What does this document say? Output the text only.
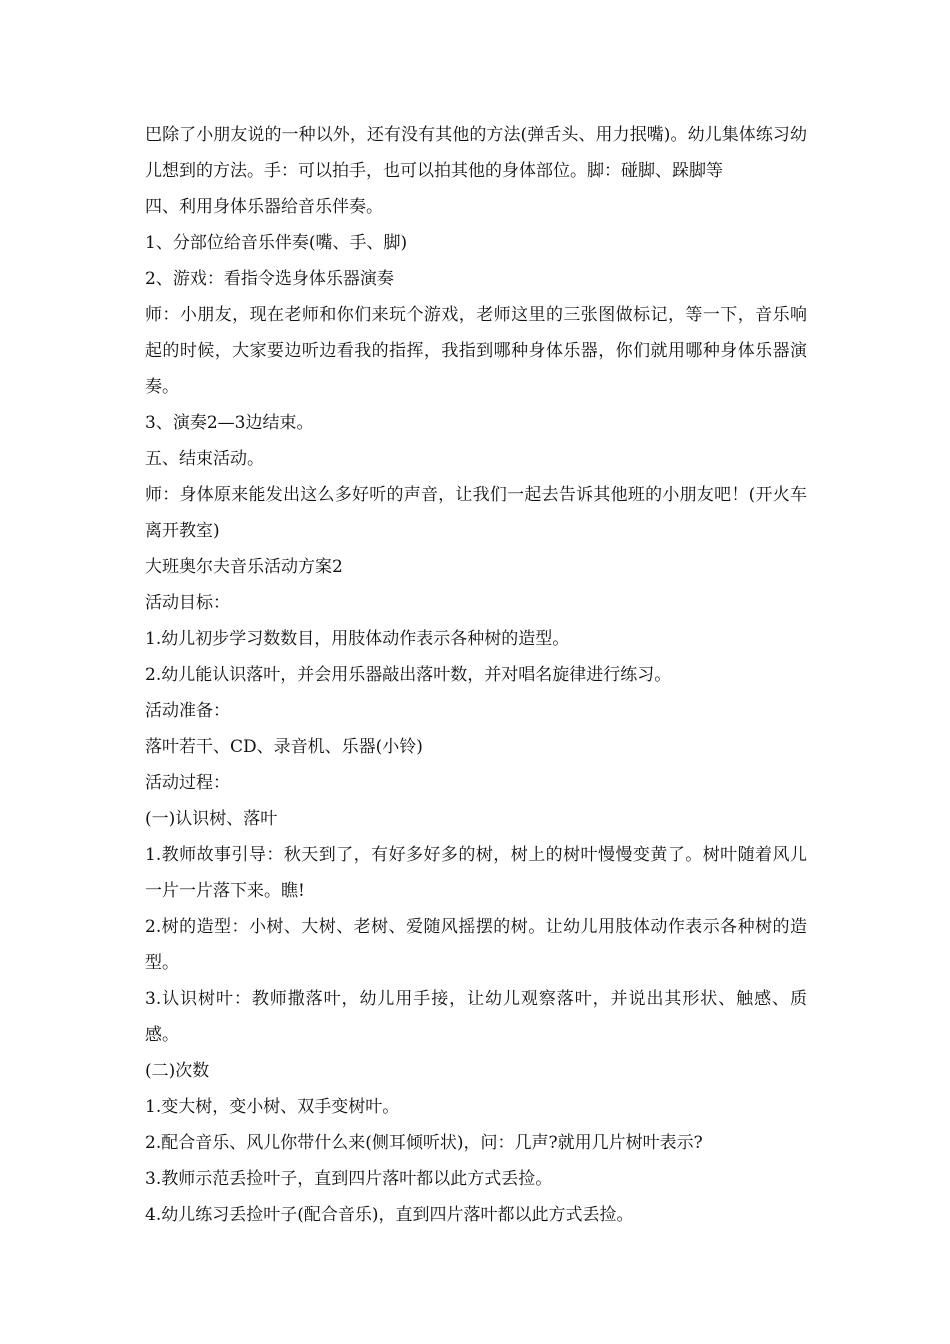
巴除了小朋友说的一种以外，还有没有其他的方法(弹舌头、用力抿嘴)。幼儿集体练习幼儿想到的方法。手：可以拍手，也可以拍其他的身体部位。脚：碰脚、跺脚等

四、利用身体乐器给音乐伴奏。

1、分部位给音乐伴奏(嘴、手、脚)

2、游戏：看指令选身体乐器演奏

师：小朋友，现在老师和你们来玩个游戏，老师这里的三张图做标记，等一下，音乐响起的时候，大家要边听边看我的指挥，我指到哪种身体乐器，你们就用哪种身体乐器演奏。

3、演奏2—3边结束。

五、结束活动。

师：身体原来能发出这么多好听的声音，让我们一起去告诉其他班的小朋友吧！(开火车离开教室)

大班奥尔夫音乐活动方案2

活动目标：

1.幼儿初步学习数数目，用肢体动作表示各种树的造型。

2.幼儿能认识落叶，并会用乐器敲出落叶数，并对唱名旋律进行练习。

活动准备：

落叶若干、CD、录音机、乐器(小铃)

活动过程：

(一)认识树、落叶

1.教师故事引导：秋天到了，有好多好多的树，树上的树叶慢慢变黄了。树叶随着风儿一片一片落下来。瞧!

2.树的造型：小树、大树、老树、爱随风摇摆的树。让幼儿用肢体动作表示各种树的造型。

3.认识树叶：教师撒落叶，幼儿用手接，让幼儿观察落叶，并说出其形状、触感、质感。

(二)次数

1.变大树，变小树、双手变树叶。

2.配合音乐、风儿你带什么来(侧耳倾听状)，问：几声?就用几片树叶表示?

3.教师示范丢捡叶子，直到四片落叶都以此方式丢捡。

4.幼儿练习丢捡叶子(配合音乐)，直到四片落叶都以此方式丢捡。
